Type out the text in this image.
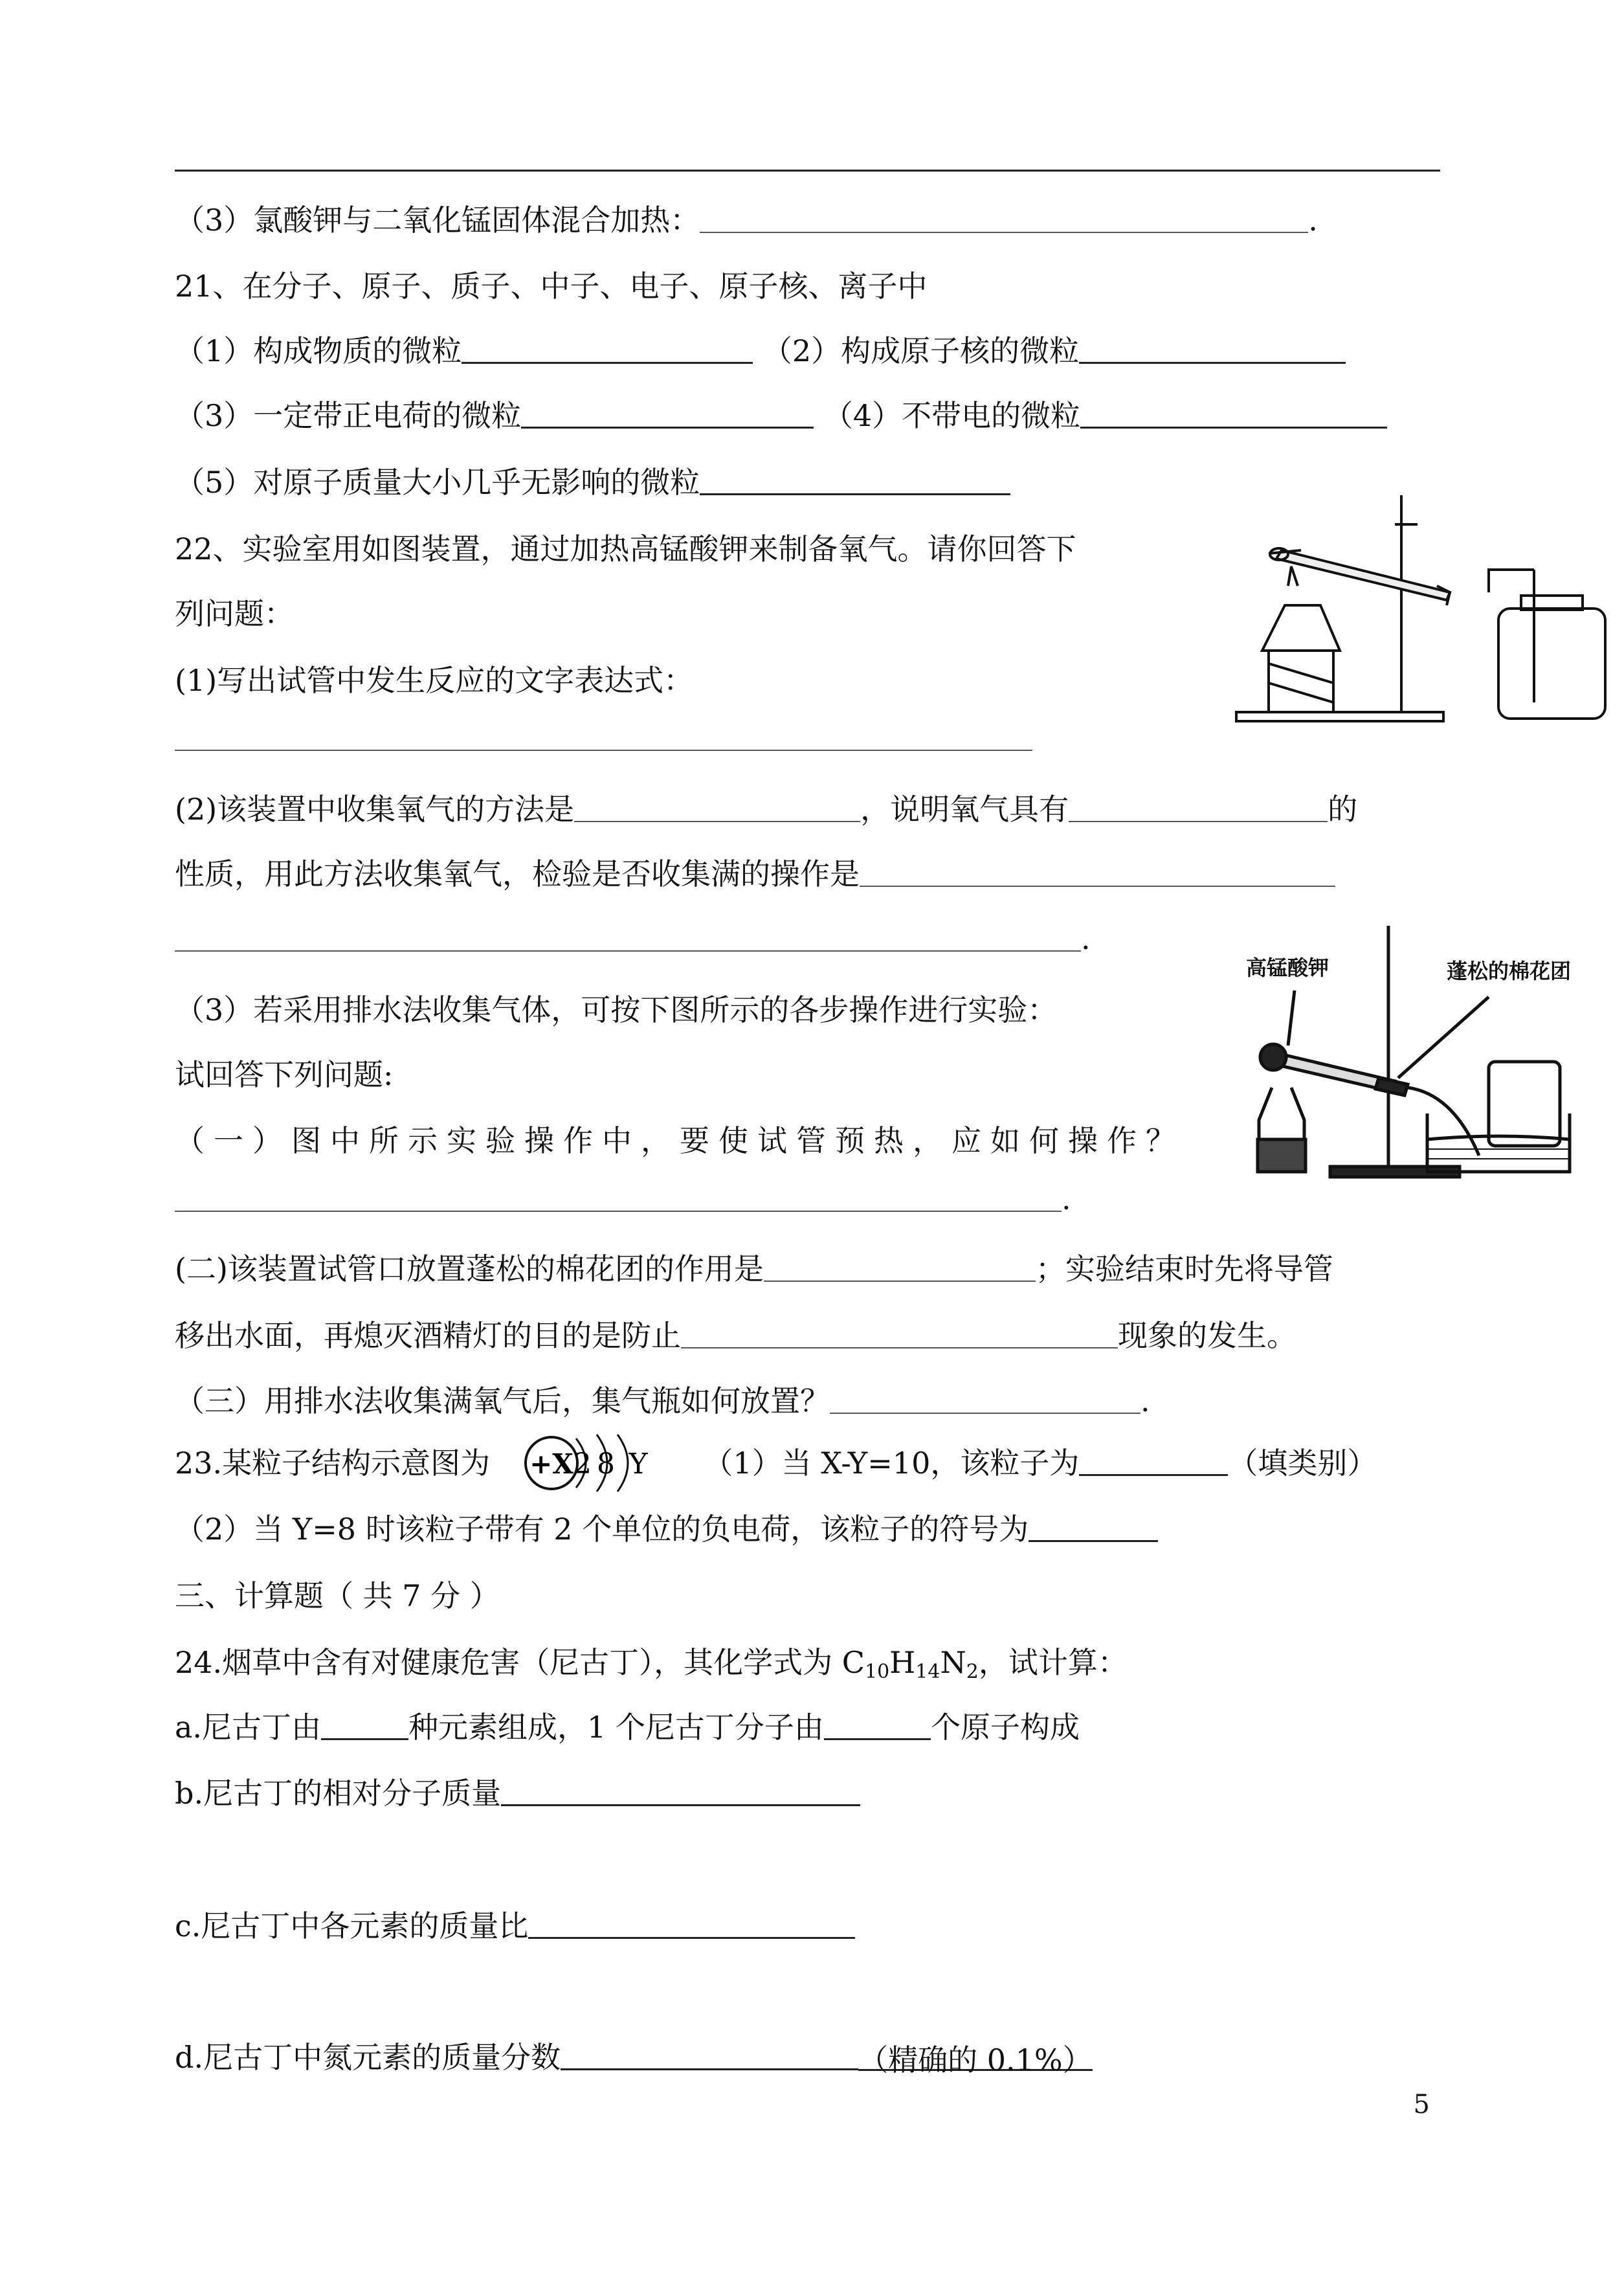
（3）氯酸钾与二氧化锰固体混合加热：	.
21、在分子、原子、质子、中子、电子、原子核、离子中
（1）构成物质的微粒	（2）构成原子核的微粒
（3）一定带正电荷的微粒	（4）不带电的微粒
（5）对原子质量大小几乎无影响的微粒
22、实验室用如图装置，通过加热高锰酸钾来制备氧气。请你回答下
列问题：
(1)写出试管中发生反应的文字表达式：
(2)该装置中收集氧气的方法是	，说明氧气具有	的
性质，用此方法收集氧气，检验是否收集满的操作是
.
（3）若采用排水法收集气体，可按下图所示的各步操作进行实验：
试回答下列问题:
（一）图中所示实验操作中，要使试管预热，应如何操作？
.
(二)该装置试管口放置蓬松的棉花团的作用是	；实验结束时先将导管
移出水面，再熄灭酒精灯的目的是防止	现象的发生。
（三）用排水法收集满氧气后，集气瓶如何放置？	.
23.某粒子结构示意图为 +X 2 8 Y （1）当 X-Y=10，该粒子为	（填类别）
（2）当 Y=8 时该粒子带有 2 个单位的负电荷，该粒子的符号为
三、计算题（ 共 7 分 ）
24.烟草中含有对健康危害（尼古丁），其化学式为 $C_{10}H_{14}N_2$，试计算：
a.尼古丁由	种元素组成，1 个尼古丁分子由	个原子构成
b.尼古丁的相对分子质量
c.尼古丁中各元素的质量比
d.尼古丁中氮元素的质量分数	（精确的 0.1%）
高锰酸钾	蓬松的棉花团
5
